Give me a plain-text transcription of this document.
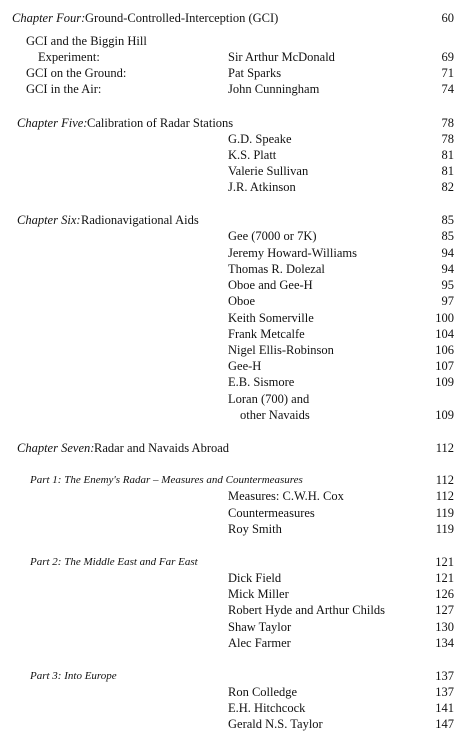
Chapter Four: Ground-Controlled-Interception (GCI)	60
GCI and the Biggin Hill
Experiment:	Sir Arthur McDonald	69
GCI on the Ground:	Pat Sparks	71
GCI in the Air:	John Cunningham	74
Chapter Five: Calibration of Radar Stations	78
G.D. Speake	78
K.S. Platt	81
Valerie Sullivan	81
J.R. Atkinson	82
Chapter Six: Radionavigational Aids	85
Gee (7000 or 7K)	85
Jeremy Howard-Williams	94
Thomas R. Dolezal	94
Oboe and Gee-H	95
Oboe	97
Keith Somerville	100
Frank Metcalfe	104
Nigel Ellis-Robinson	106
Gee-H	107
E.B. Sismore	109
Loran (700) and
other Navaids	109
Chapter Seven: Radar and Navaids Abroad	112
Part 1: The Enemy's Radar – Measures and Countermeasures	112
Measures: C.W.H. Cox	112
Countermeasures	119
Roy Smith	119
Part 2: The Middle East and Far East	121
Dick Field	121
Mick Miller	126
Robert Hyde and Arthur Childs	127
Shaw Taylor	130
Alec Farmer	134
Part 3: Into Europe	137
Ron Colledge	137
E.H. Hitchcock	141
Gerald N.S. Taylor	147
